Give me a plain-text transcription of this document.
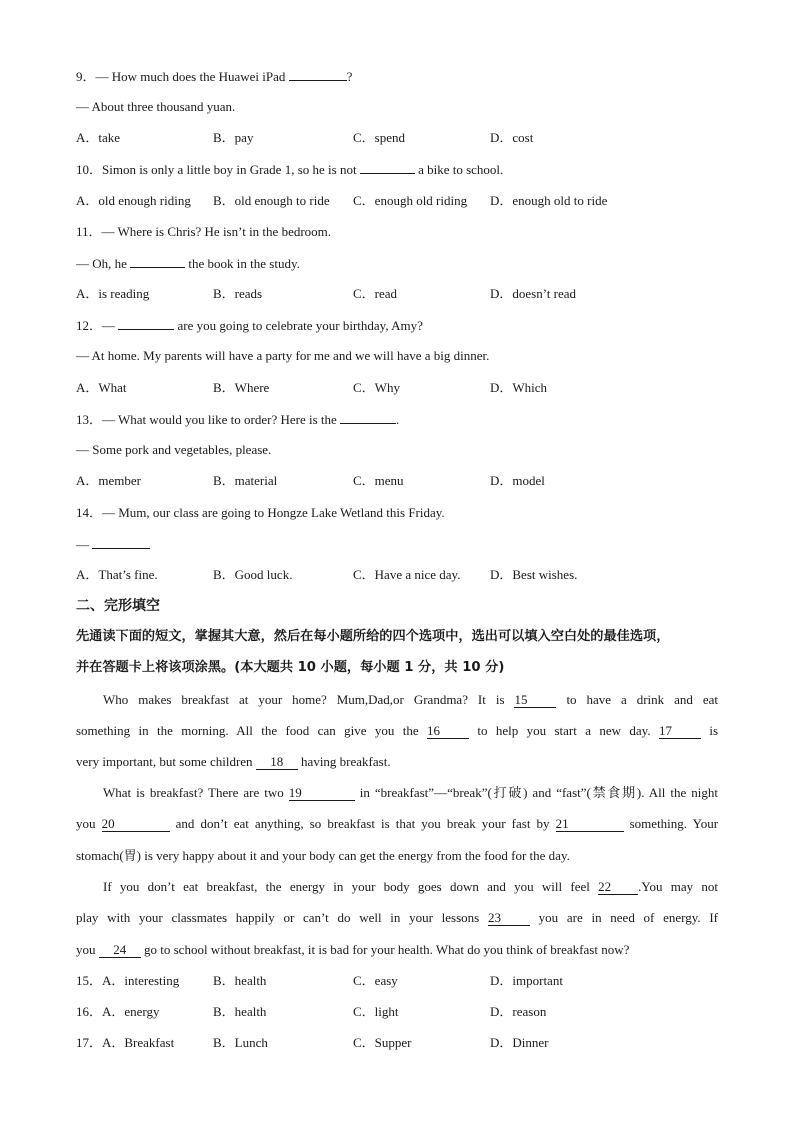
9．— How much does the Huawei iPad	?
— About three thousand yuan.
A．take	B．pay	C．spend	D．cost
10．Simon is only a little boy in Grade 1, so he is not	a bike to school.
A．old enough riding B．old enough to ride C．enough old riding D．enough old to ride
11．— Where is Chris? He isn’t in the bedroom.
— Oh, he	the book in the study.
A．is reading	B．reads	C．read	D．doesn’t read
12．—	are you going to celebrate your birthday, Amy?
— At home. My parents will have a party for me and we will have a big dinner.
A．What	B．Where	C．Why	D．Which
13．— What would you like to order? Here is the	.
— Some pork and vegetables, please.
A．member	B．material	C．menu	D．model
14．— Mum, our class are going to Hongze Lake Wetland this Friday.
—
A．That’s fine.	B．Good luck.	C．Have a nice day. D．Best wishes.
二、完形填空
先通读下面的短文，掌握其大意，然后在每小题所给的四个选项中，选出可以填入空白处的最佳选项，
并在答题卡上将该项涂黑。(本大题共 10 小题，每小题 1 分，共 10 分)
Who makes breakfast at your home? Mum,Dad,or Grandma? It is 15	to have a drink and eat
something in the morning. All the food can give you the 16	to help you start a new day. 17	is
very important, but some children 18 having breakfast.
What is breakfast? There are two 19	in “breakfast”—“break”(打破) and “fast”(禁食期). All the night
you 20	and don’t eat anything, so breakfast is that you break your fast by 21	something. Your
stomach(胃) is very happy about it and your body can get the energy from the food for the day.
If you don’t eat breakfast, the energy in your body goes down and you will feel 22 .You may not
play with your classmates happily or can’t do well in your lessons 23	you are in need of energy. If
you 24 go to school without breakfast, it is bad for your health. What do you think of breakfast now?
15．A．interesting	B．health	C．easy	D．important
16．A．energy	B．health	C．light	D．reason
17．A．Breakfast	B．Lunch	C．Supper	D．Dinner
